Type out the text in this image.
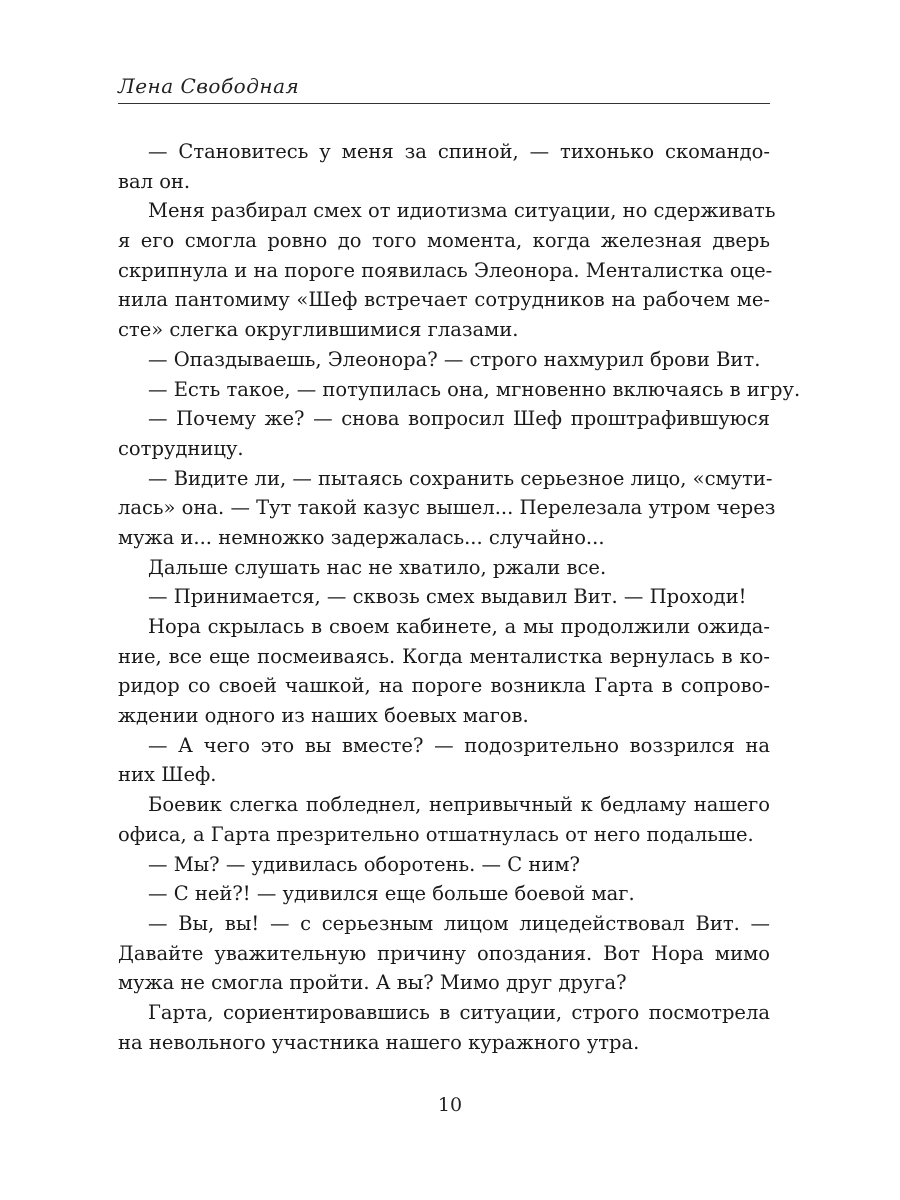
Лена Свободная
— Становитесь у меня за спиной, — тихонько скомандо-
вал он.
Меня разбирал смех от идиотизма ситуации, но сдерживать
я его смогла ровно до того момента, когда железная дверь
скрипнула и на пороге появилась Элеонора. Менталистка оце-
нила пантомиму «Шеф встречает сотрудников на рабочем ме-
сте» слегка округлившимися глазами.
— Опаздываешь, Элеонора? — строго нахмурил брови Вит.
— Есть такое, — потупилась она, мгновенно включаясь в игру.
— Почему же? — снова вопросил Шеф проштрафившуюся
сотрудницу.
— Видите ли, — пытаясь сохранить серьезное лицо, «смути-
лась» она. — Тут такой казус вышел... Перелезала утром через
мужа и... немножко задержалась... случайно...
Дальше слушать нас не хватило, ржали все.
— Принимается, — сквозь смех выдавил Вит. — Проходи!
Нора скрылась в своем кабинете, а мы продолжили ожида-
ние, все еще посмеиваясь. Когда менталистка вернулась в ко-
ридор со своей чашкой, на пороге возникла Гарта в сопрово-
ждении одного из наших боевых магов.
— А чего это вы вместе? — подозрительно воззрился на
них Шеф.
Боевик слегка побледнел, непривычный к бедламу нашего
офиса, а Гарта презрительно отшатнулась от него подальше.
— Мы? — удивилась оборотень. — С ним?
— С ней?! — удивился еще больше боевой маг.
— Вы, вы! — с серьезным лицом лицедействовал Вит. —
Давайте уважительную причину опоздания. Вот Нора мимо
мужа не смогла пройти. А вы? Мимо друг друга?
Гарта, сориентировавшись в ситуации, строго посмотрела
на невольного участника нашего куражного утра.
10
